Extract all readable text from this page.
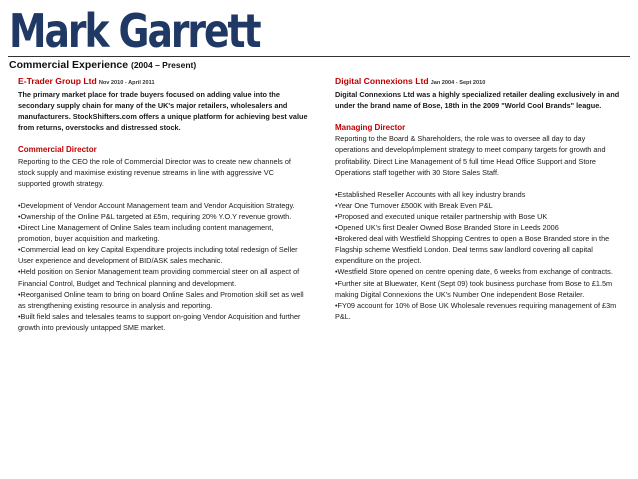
Mark Garrett
Commercial Experience (2004 – Present)

E-Trader Group Ltd Nov 2010 - April 2011

The primary market place for trade buyers focused on adding value into the secondary supply chain for many of the UK's major retailers, wholesalers and manufacturers. StockShifters.com offers a unique platform for achieving best value from returns, overstocks and distressed stock.

Commercial Director

Reporting to the CEO the role of Commercial Director was to create new channels of stock supply and maximise existing revenue streams in line with aggressive VC supported growth strategy.

•Development of Vendor Account Management team and Vendor Acquisition Strategy.
•Ownership of the Online P&L targeted at £5m, requiring 20% Y.O.Y revenue growth.
•Direct Line Management of Online Sales team including content management, promotion, buyer acquisition and marketing.
•Commercial lead on key Capital Expenditure projects including total redesign of Seller User experience and development of BID/ASK sales mechanic.
•Held position on Senior Management team providing commercial steer on all aspect of Financial Control, Budget and Technical planning and development.
•Reorganised Online team to bring on board Online Sales and Promotion skill set as well as strengthening existing resource in analysis and reporting.
•Built field sales and telesales teams to support on-going Vendor Acquisition and further growth into previously untapped SME market.

Digital Connexions Ltd Jan 2004 - Sept 2010

Digital Connexions Ltd was a highly specialized retailer dealing exclusively in and under the brand name of Bose, 18th in the 2009 "World Cool Brands" league.

Managing Director

Reporting to the Board & Shareholders, the role was to oversee all day to day operations and develop/implement strategy to meet company targets for growth and profitability. Direct Line Management of 5 full time Head Office Support and Store Operations staff together with 30 Store Sales Staff.

•Established Reseller Accounts with all key industry brands
•Year One Turnover £500K with Break Even P&L
•Proposed and executed unique retailer partnership with Bose UK
•Opened UK's first Dealer Owned Bose Branded Store in Leeds 2006
•Brokered deal with Westfield Shopping Centres to open a Bose Branded store in the Flagship scheme Westfield London. Deal terms saw landlord covering all capital expenditure on the project.
•Westfield Store opened on centre opening date, 6 weeks from exchange of contracts.
•Further site at Bluewater, Kent (Sept 09) took business purchase from Bose to £1.5m making Digital Connexions the UK's Number One independent Bose Retailer.
•FY09 account for 10% of Bose UK Wholesale revenues requiring management of £3m P&L.
